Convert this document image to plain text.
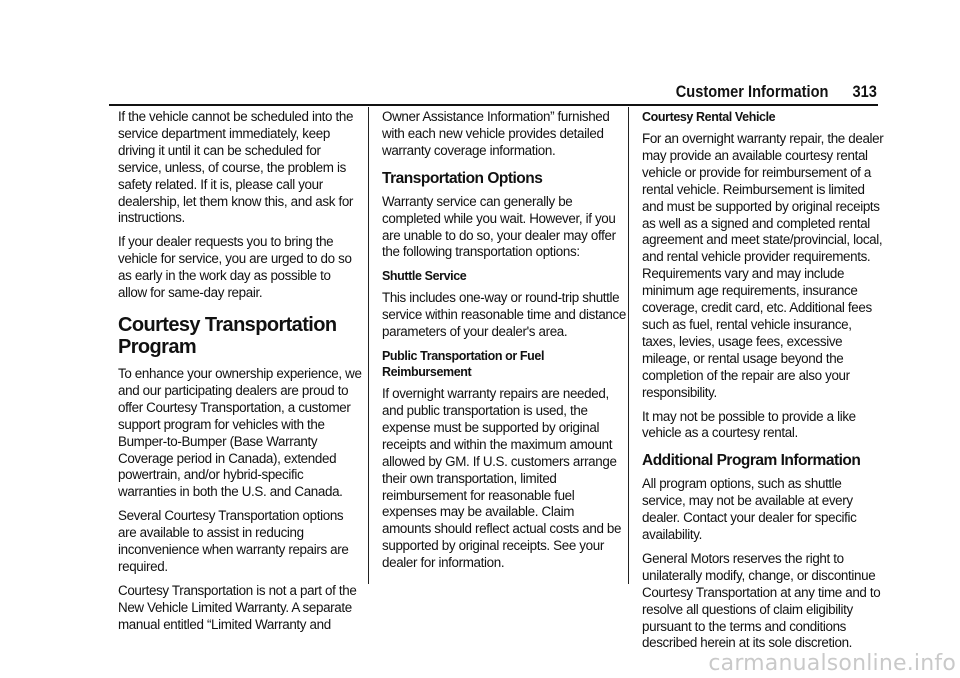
Customer Information 313

If the vehicle cannot be scheduled into the service department immediately, keep driving it until it can be scheduled for service, unless, of course, the problem is safety related. If it is, please call your dealership, let them know this, and ask for instructions.

If your dealer requests you to bring the vehicle for service, you are urged to do so as early in the work day as possible to allow for same-day repair.

Courtesy Transportation Program

To enhance your ownership experience, we and our participating dealers are proud to offer Courtesy Transportation, a customer support program for vehicles with the Bumper-to-Bumper (Base Warranty Coverage period in Canada), extended powertrain, and/or hybrid-specific warranties in both the U.S. and Canada.

Several Courtesy Transportation options are available to assist in reducing inconvenience when warranty repairs are required.

Courtesy Transportation is not a part of the New Vehicle Limited Warranty. A separate manual entitled “Limited Warranty and

Owner Assistance Information” furnished with each new vehicle provides detailed warranty coverage information.

Transportation Options

Warranty service can generally be completed while you wait. However, if you are unable to do so, your dealer may offer the following transportation options:

Shuttle Service

This includes one-way or round-trip shuttle service within reasonable time and distance parameters of your dealer's area.

Public Transportation or Fuel Reimbursement

If overnight warranty repairs are needed, and public transportation is used, the expense must be supported by original receipts and within the maximum amount allowed by GM. If U.S. customers arrange their own transportation, limited reimbursement for reasonable fuel expenses may be available. Claim amounts should reflect actual costs and be supported by original receipts. See your dealer for information.

Courtesy Rental Vehicle

For an overnight warranty repair, the dealer may provide an available courtesy rental vehicle or provide for reimbursement of a rental vehicle. Reimbursement is limited and must be supported by original receipts as well as a signed and completed rental agreement and meet state/provincial, local, and rental vehicle provider requirements. Requirements vary and may include minimum age requirements, insurance coverage, credit card, etc. Additional fees such as fuel, rental vehicle insurance, taxes, levies, usage fees, excessive mileage, or rental usage beyond the completion of the repair are also your responsibility.

It may not be possible to provide a like vehicle as a courtesy rental.

Additional Program Information

All program options, such as shuttle service, may not be available at every dealer. Contact your dealer for specific availability.

General Motors reserves the right to unilaterally modify, change, or discontinue Courtesy Transportation at any time and to resolve all questions of claim eligibility pursuant to the terms and conditions described herein at its sole discretion.

carmanualsonline.info
